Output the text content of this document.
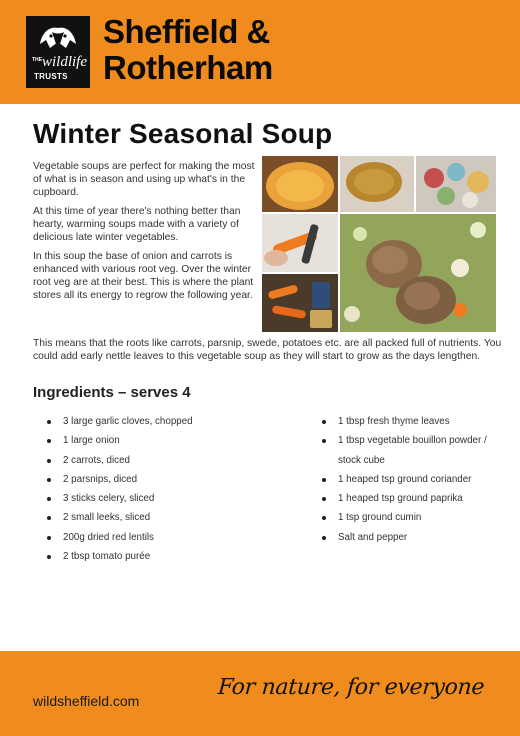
THE wildlife
TRUSTS
Sheffield &
Rotherham
Winter Seasonal Soup

Vegetable soups are perfect for making the most of what is in season and using up what's in the cupboard.

At this time of year there's nothing better than hearty, warming soups made with a variety of delicious late winter vegetables.

In this soup the base of onion and carrots is enhanced with various root veg. Over the winter root veg are at their best. This is where the plant stores all its energy to regrow the following year.

This means that the roots like carrots, parsnip, swede, potatoes etc. are all packed full of nutrients. You could add early nettle leaves to this vegetable soup as they will start to grow as the days lengthen.

Ingredients – serves 4
3 large garlic cloves, chopped
1 large onion
2 carrots, diced
2 parsnips, diced
3 sticks celery, sliced
2 small leeks, sliced
200g dried red lentils
2 tbsp tomato purée
1 tbsp fresh thyme leaves
1 tbsp vegetable bouillon powder / stock cube
1 heaped tsp ground coriander
1 heaped tsp ground paprika
1 tsp ground cumin
Salt and pepper
wildsheffield.com
For nature, for everyone
